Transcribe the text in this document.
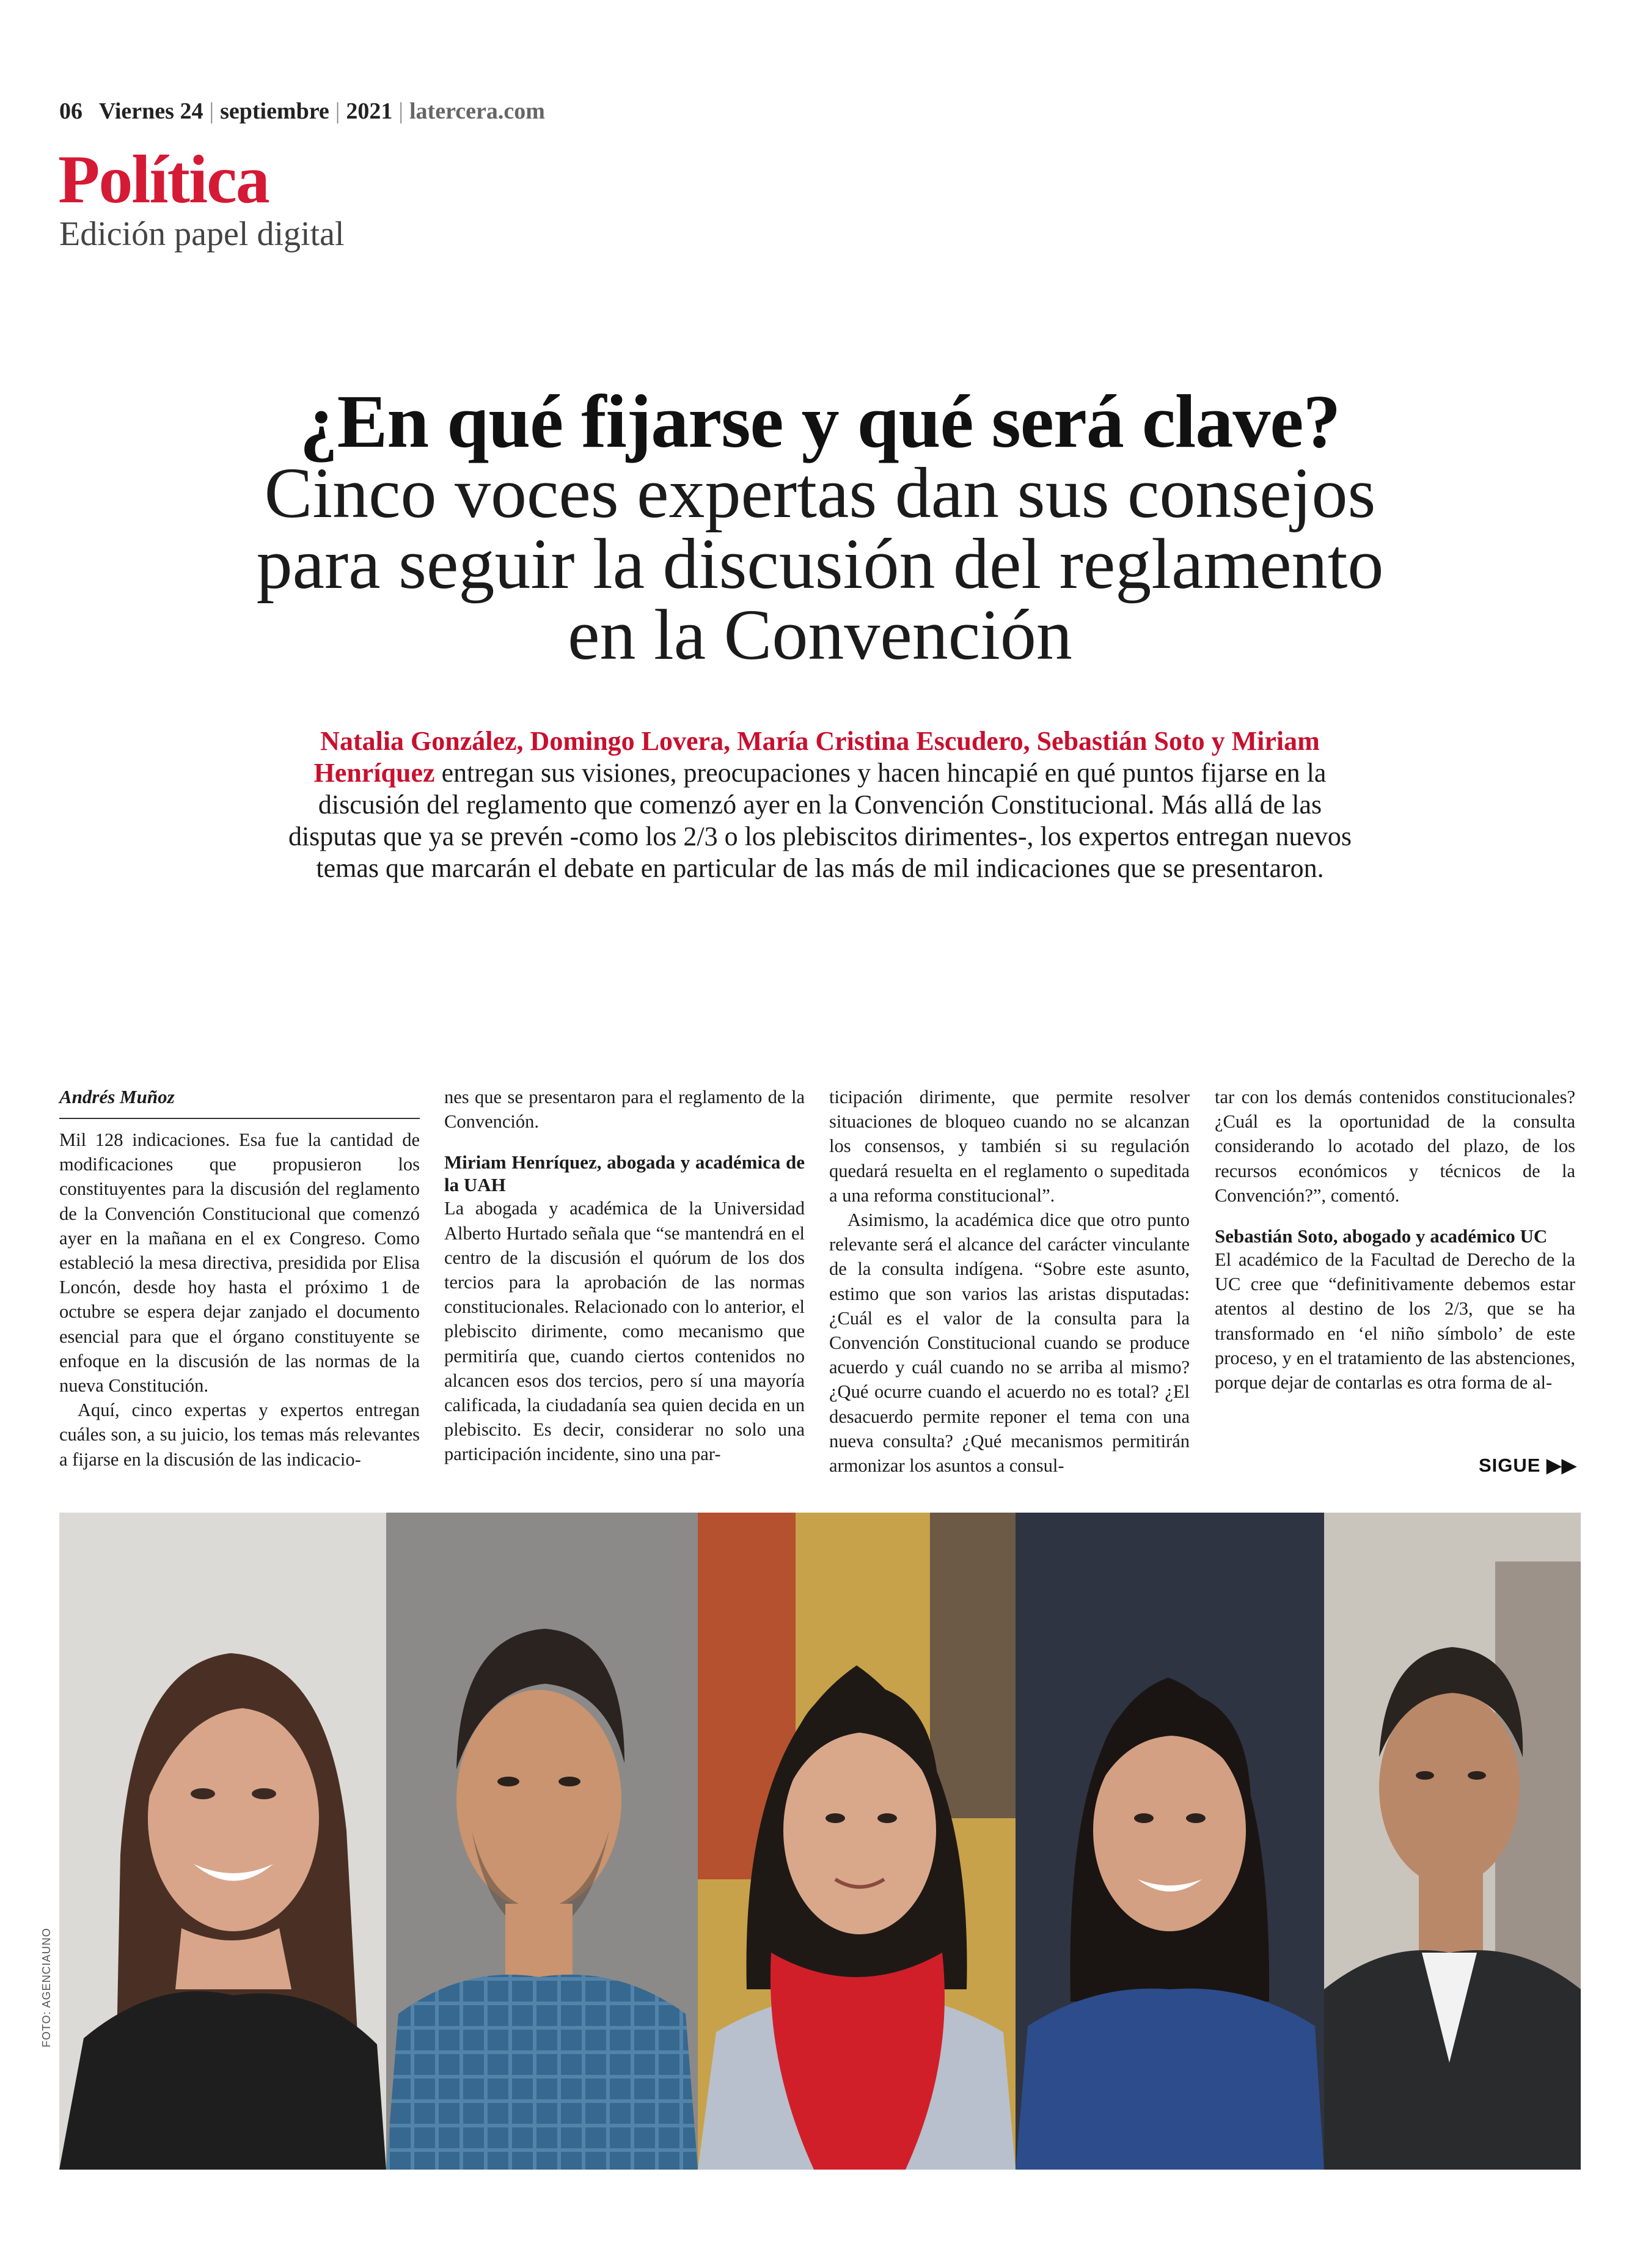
06 Viernes 24 | septiembre | 2021 | latercera.com
Política
Edición papel digital
¿En qué fijarse y qué será clave?
Cinco voces expertas dan sus consejos
para seguir la discusión del reglamento
en la Convención
Natalia González, Domingo Lovera, María Cristina Escudero, Sebastián Soto y Miriam Henríquez entregan sus visiones, preocupaciones y hacen hincapié en qué puntos fijarse en la discusión del reglamento que comenzó ayer en la Convención Constitucional. Más allá de las disputas que ya se prevén -como los 2/3 o los plebiscitos dirimentes-, los expertos entregan nuevos temas que marcarán el debate en particular de las más de mil indicaciones que se presentaron.
Andrés Muñoz

Mil 128 indicaciones. Esa fue la cantidad de modificaciones que propusieron los constituyentes para la discusión del reglamento de la Convención Constitucional que comenzó ayer en la mañana en el ex Congreso. Como estableció la mesa directiva, presidida por Elisa Loncón, desde hoy hasta el próximo 1 de octubre se espera dejar zanjado el documento esencial para que el órgano constituyente se enfoque en la discusión de las normas de la nueva Constitución.

Aquí, cinco expertas y expertos entregan cuáles son, a su juicio, los temas más relevantes a fijarse en la discusión de las indicacio-

nes que se presentaron para el reglamento de la Convención.

Miriam Henríquez, abogada y académica de la UAH

La abogada y académica de la Universidad Alberto Hurtado señala que “se mantendrá en el centro de la discusión el quórum de los dos tercios para la aprobación de las normas constitucionales. Relacionado con lo anterior, el plebiscito dirimente, como mecanismo que permitiría que, cuando ciertos contenidos no alcancen esos dos tercios, pero sí una mayoría calificada, la ciudadanía sea quien decida en un plebiscito. Es decir, considerar no solo una participación incidente, sino una par-

ticipación dirimente, que permite resolver situaciones de bloqueo cuando no se alcanzan los consensos, y también si su regulación quedará resuelta en el reglamento o supeditada a una reforma constitucional”.

Asimismo, la académica dice que otro punto relevante será el alcance del carácter vinculante de la consulta indígena. “Sobre este asunto, estimo que son varios las aristas disputadas: ¿Cuál es el valor de la consulta para la Convención Constitucional cuando se produce acuerdo y cuál cuando no se arriba al mismo? ¿Qué ocurre cuando el acuerdo no es total? ¿El desacuerdo permite reponer el tema con una nueva consulta? ¿Qué mecanismos permitirán armonizar los asuntos a consul-

tar con los demás contenidos constitucionales? ¿Cuál es la oportunidad de la consulta considerando lo acotado del plazo, de los recursos económicos y técnicos de la Convención?”, comentó.

Sebastián Soto, abogado y académico UC

El académico de la Facultad de Derecho de la UC cree que “definitivamente debemos estar atentos al destino de los 2/3, que se ha transformado en ‘el niño símbolo’ de este proceso, y en el tratamiento de las abstenciones, porque dejar de contarlas es otra forma de al-

SIGUE ▶▶
FOTO: AGENCIAUNO
